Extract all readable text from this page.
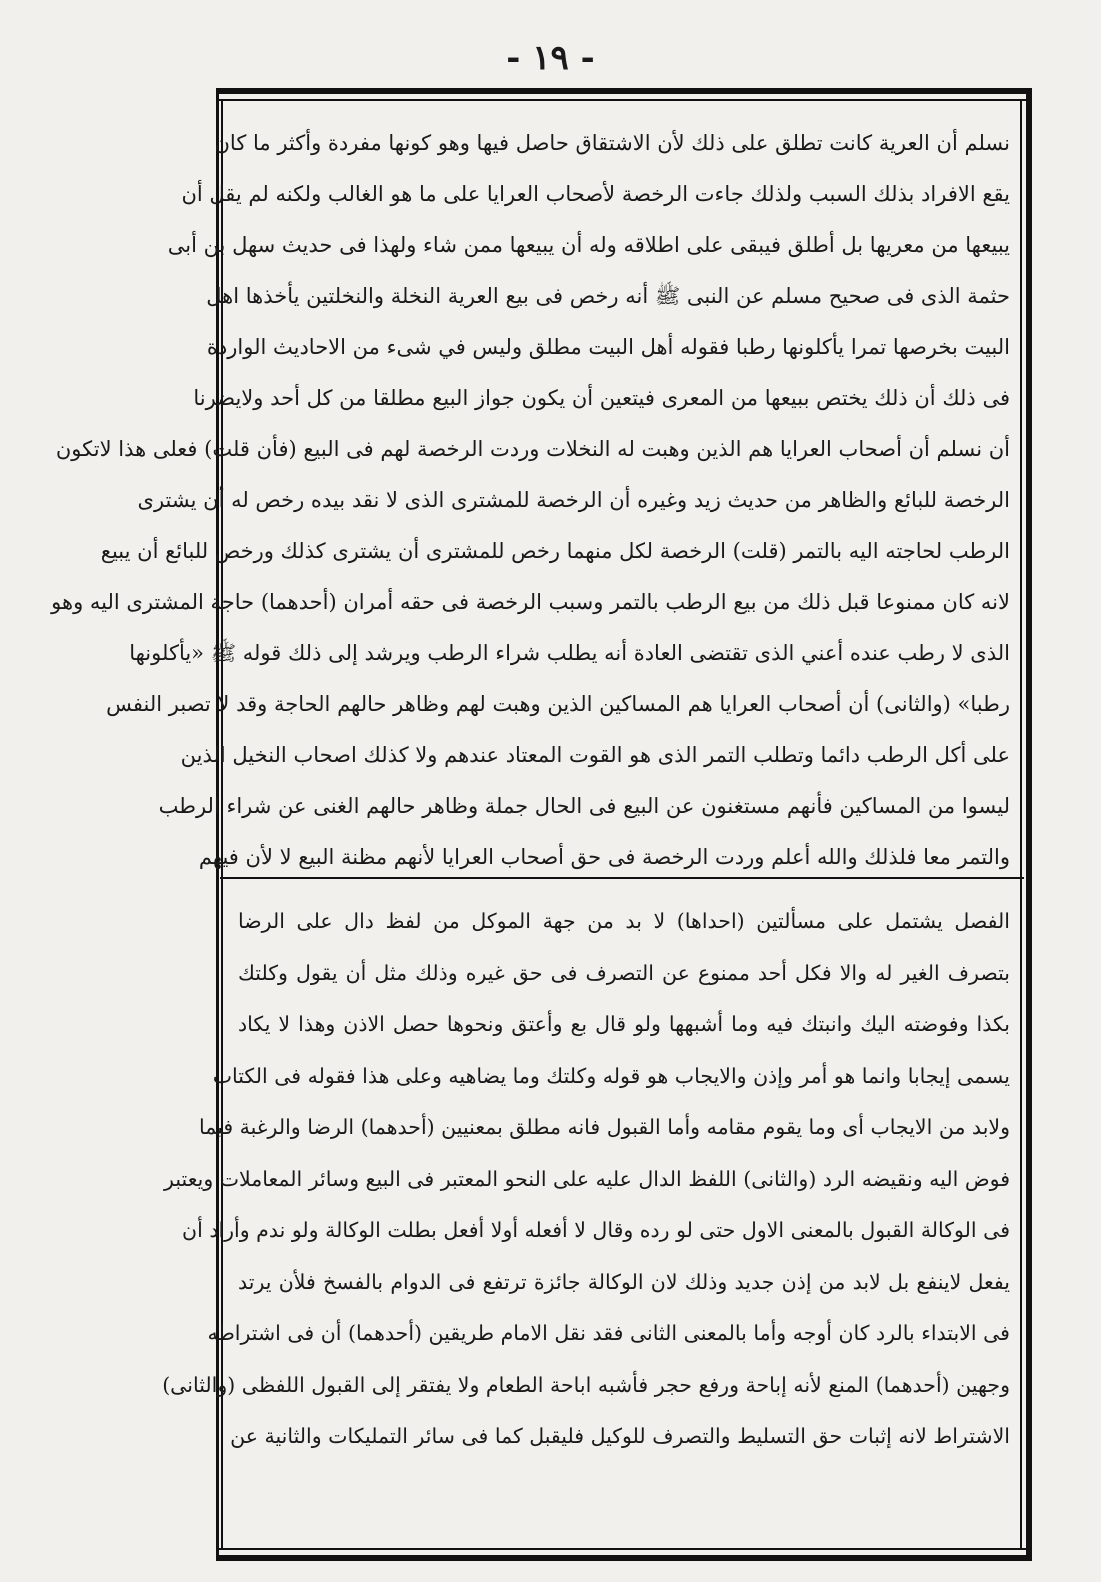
- ١٩ -
نسلم أن العرية كانت تطلق على ذلك لأن الاشتقاق حاصل فيها وهو كونها مفردة وأكثر ما كان
يقع الافراد بذلك السبب ولذلك جاءت الرخصة لأصحاب العرايا على ما هو الغالب ولكنه لم يقل أن
يبيعها من معريها بل أطلق فيبقى على اطلاقه وله أن يبيعها ممن شاء ولهذا فى حديث سهل بن أبى
حثمة الذى فى صحيح مسلم عن النبى ﷺ أنه رخص فى بيع العرية النخلة والنخلتين يأخذها اهل
البيت بخرصها تمرا يأكلونها رطبا فقوله أهل البيت مطلق وليس في شىء من الاحاديث الواردة
فى ذلك أن ذلك يختص ببيعها من المعرى فيتعين أن يكون جواز البيع مطلقا من كل أحد ولايضرنا
أن نسلم أن أصحاب العرايا هم الذين وهبت له النخلات وردت الرخصة لهم فى البيع (فأن قلت) فعلى هذا لاتكون
الرخصة للبائع والظاهر من حديث زيد وغيره أن الرخصة للمشترى الذى لا نقد بيده رخص له أن يشترى
الرطب لحاجته اليه بالتمر (قلت) الرخصة لكل منهما رخص للمشترى أن يشترى كذلك ورخص للبائع أن يبيع
لانه كان ممنوعا قبل ذلك من بيع الرطب بالتمر وسبب الرخصة فى حقه أمران (أحدهما) حاجة المشترى اليه وهو
الذى لا رطب عنده أعني الذى تقتضى العادة أنه يطلب شراء الرطب ويرشد إلى ذلك قوله ﷺ «يأكلونها
رطبا» (والثانى) أن أصحاب العرايا هم المساكين الذين وهبت لهم وظاهر حالهم الحاجة وقد لا تصبر النفس
على أكل الرطب دائما وتطلب التمر الذى هو القوت المعتاد عندهم ولا كذلك اصحاب النخيل الذين
ليسوا من المساكين فأنهم مستغنون عن البيع فى الحال جملة وظاهر حالهم الغنى عن شراء الرطب
والتمر معا فلذلك والله أعلم وردت الرخصة فى حق أصحاب العرايا لأنهم مظنة البيع لا لأن فيهم
الفصل يشتمل على مسألتين (احداها) لا بد من جهة الموكل من لفظ دال على الرضا
بتصرف الغير له والا فكل أحد ممنوع عن التصرف فى حق غيره وذلك مثل أن يقول وكلتك
بكذا وفوضته اليك وانبتك فيه وما أشبهها ولو قال بع وأعتق ونحوها حصل الاذن وهذا لا يكاد
يسمى إيجابا وانما هو أمر وإذن والايجاب هو قوله وكلتك وما يضاهيه وعلى هذا فقوله فى الكتاب
ولابد من الايجاب أى وما يقوم مقامه وأما القبول فانه مطلق بمعنيين (أحدهما) الرضا والرغبة فيما
فوض اليه ونقيضه الرد (والثانى) اللفظ الدال عليه على النحو المعتبر فى البيع وسائر المعاملات ويعتبر
فى الوكالة القبول بالمعنى الاول حتى لو رده وقال لا أفعله أولا أفعل بطلت الوكالة ولو ندم وأراد أن
يفعل لاينفع بل لابد من إذن جديد وذلك لان الوكالة جائزة ترتفع فى الدوام بالفسخ فلأن يرتد
فى الابتداء بالرد كان أوجه وأما بالمعنى الثانى فقد نقل الامام طريقين (أحدهما) أن فى اشتراطه
وجهين (أحدهما) المنع لأنه إباحة ورفع حجر فأشبه اباحة الطعام ولا يفتقر إلى القبول اللفظى (والثانى)
الاشتراط لانه إثبات حق التسليط والتصرف للوكيل فليقبل كما فى سائر التمليكات والثانية عن
